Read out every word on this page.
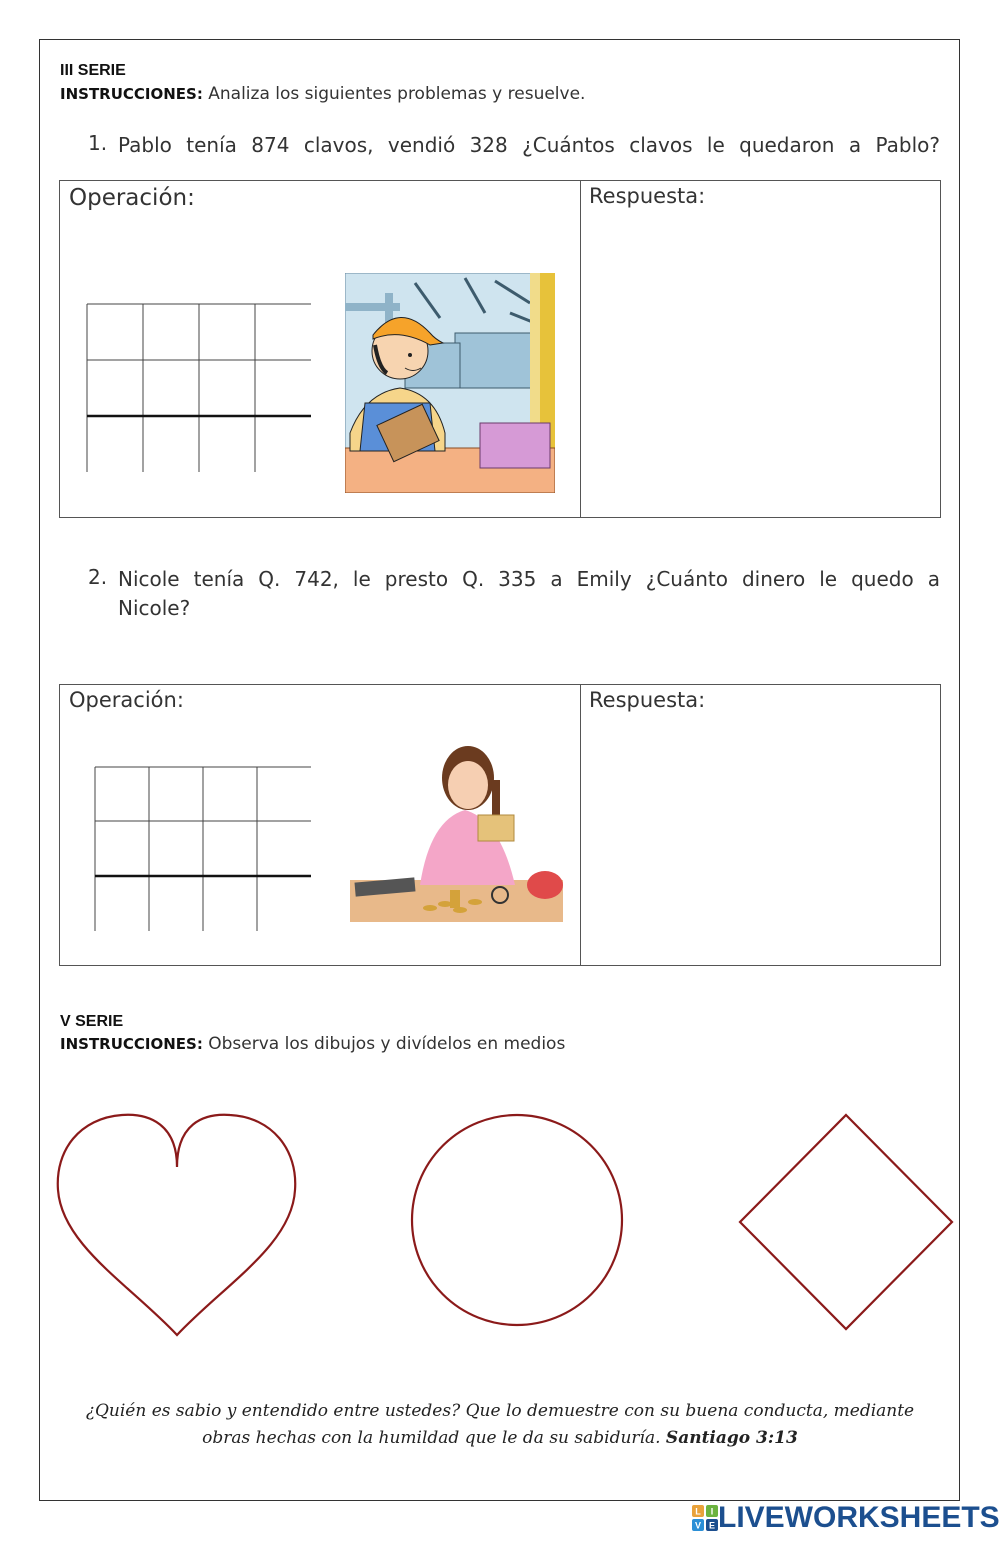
III SERIE
INSTRUCCIONES: Analiza los siguientes problemas y resuelve.
1. Pablo tenía 874 clavos, vendió 328 ¿Cuántos clavos le quedaron a Pablo?
Operación:	Respuesta:
2. Nicole tenía Q. 742, le presto Q. 335 a Emily ¿Cuánto dinero le quedo a
Nicole?
Operación:	Respuesta:
V SERIE
INSTRUCCIONES: Observa los dibujos y divídelos en medios
¿Quién es sabio y entendido entre ustedes? Que lo demuestre con su buena conducta, mediante
obras hechas con la humildad que le da su sabiduría. Santiago 3:13
L I
V E LIVEWORKSHEETS
